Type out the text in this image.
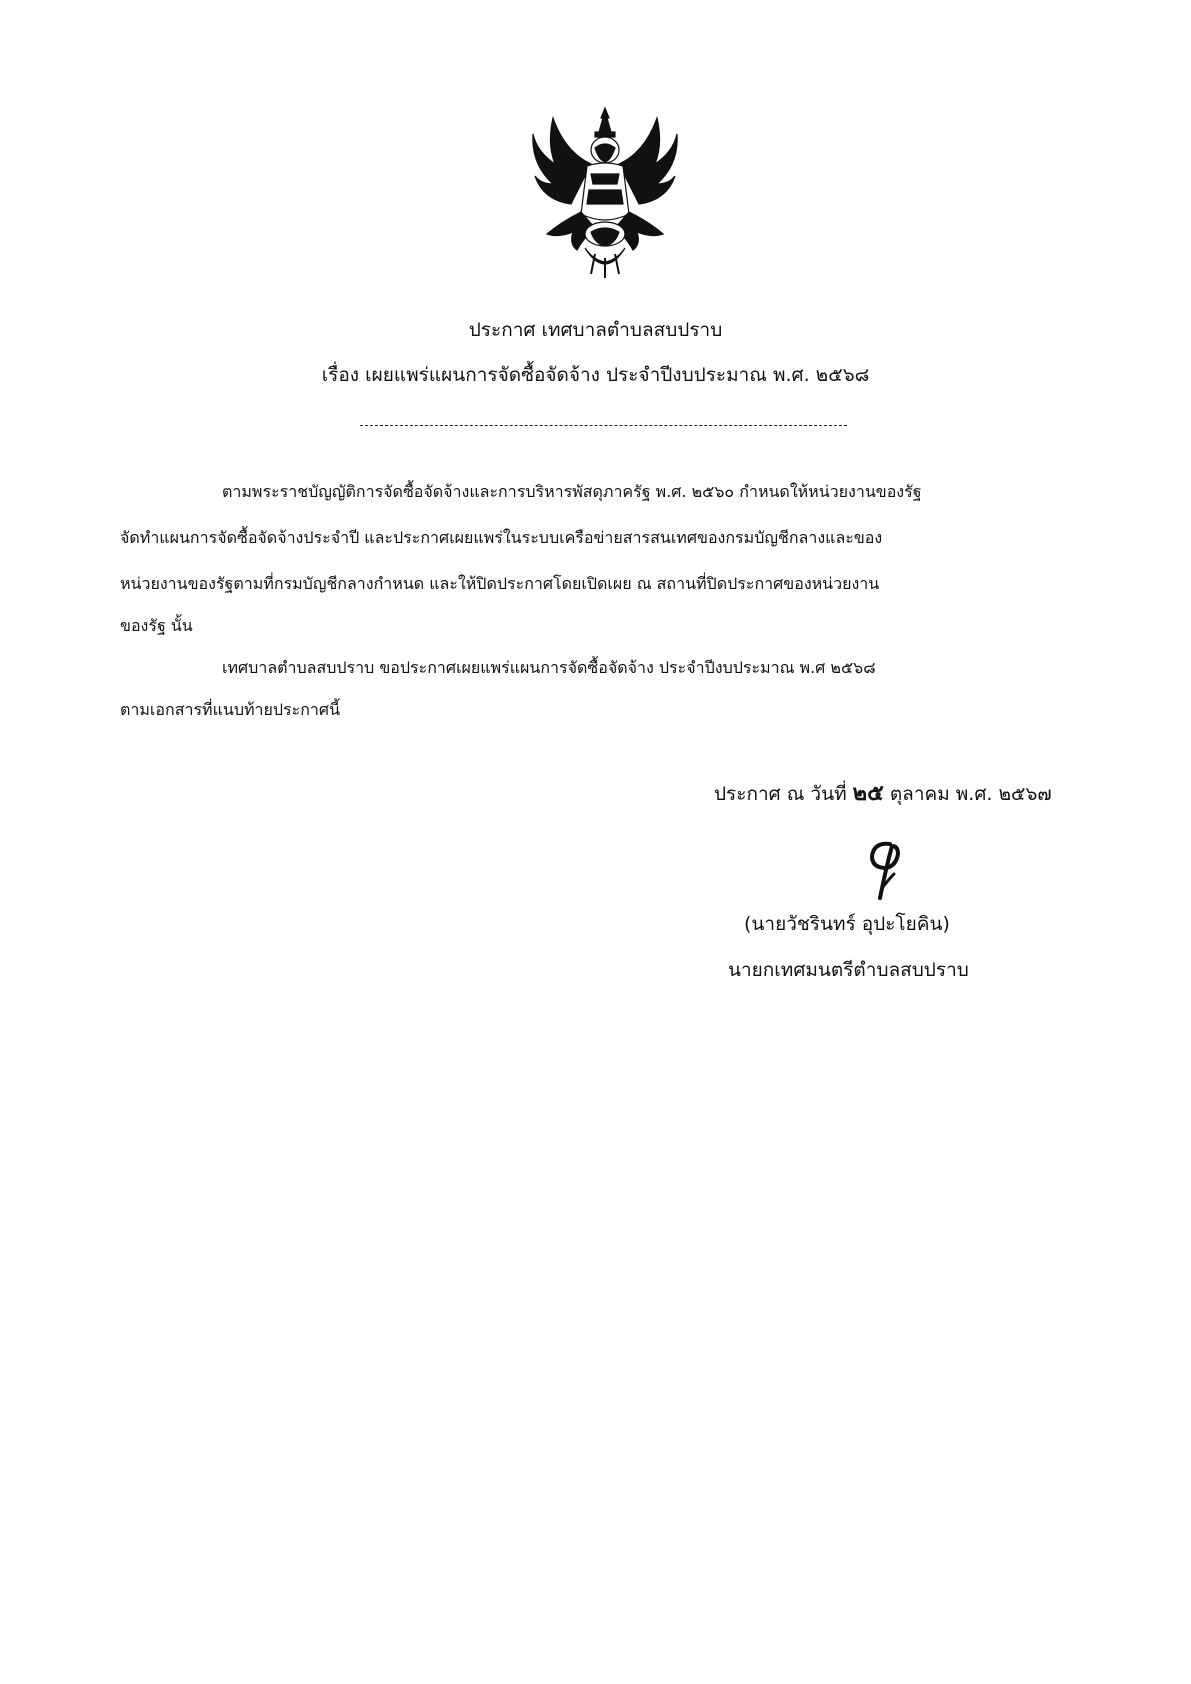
ประกาศ เทศบาลตำบลสบปราบ
เรื่อง เผยแพร่แผนการจัดซื้อจัดจ้าง ประจำปีงบประมาณ พ.ศ. ๒๕๖๘
ตามพระราชบัญญัติการจัดซื้อจัดจ้างและการบริหารพัสดุภาครัฐ พ.ศ. ๒๕๖๐ กำหนดให้หน่วยงานของรัฐ
จัดทำแผนการจัดซื้อจัดจ้างประจำปี และประกาศเผยแพร่ในระบบเครือข่ายสารสนเทศของกรมบัญชีกลางและของ
หน่วยงานของรัฐตามที่กรมบัญชีกลางกำหนด และให้ปิดประกาศโดยเปิดเผย ณ สถานที่ปิดประกาศของหน่วยงาน
ของรัฐ นั้น
เทศบาลตำบลสบปราบ ขอประกาศเผยแพร่แผนการจัดซื้อจัดจ้าง ประจำปีงบประมาณ พ.ศ ๒๕๖๘
ตามเอกสารที่แนบท้ายประกาศนี้
ประกาศ ณ วันที่ ๒๕ ตุลาคม พ.ศ. ๒๕๖๗
(นายวัชรินทร์ อุปะโยคิน)
นายกเทศมนตรีตำบลสบปราบ
